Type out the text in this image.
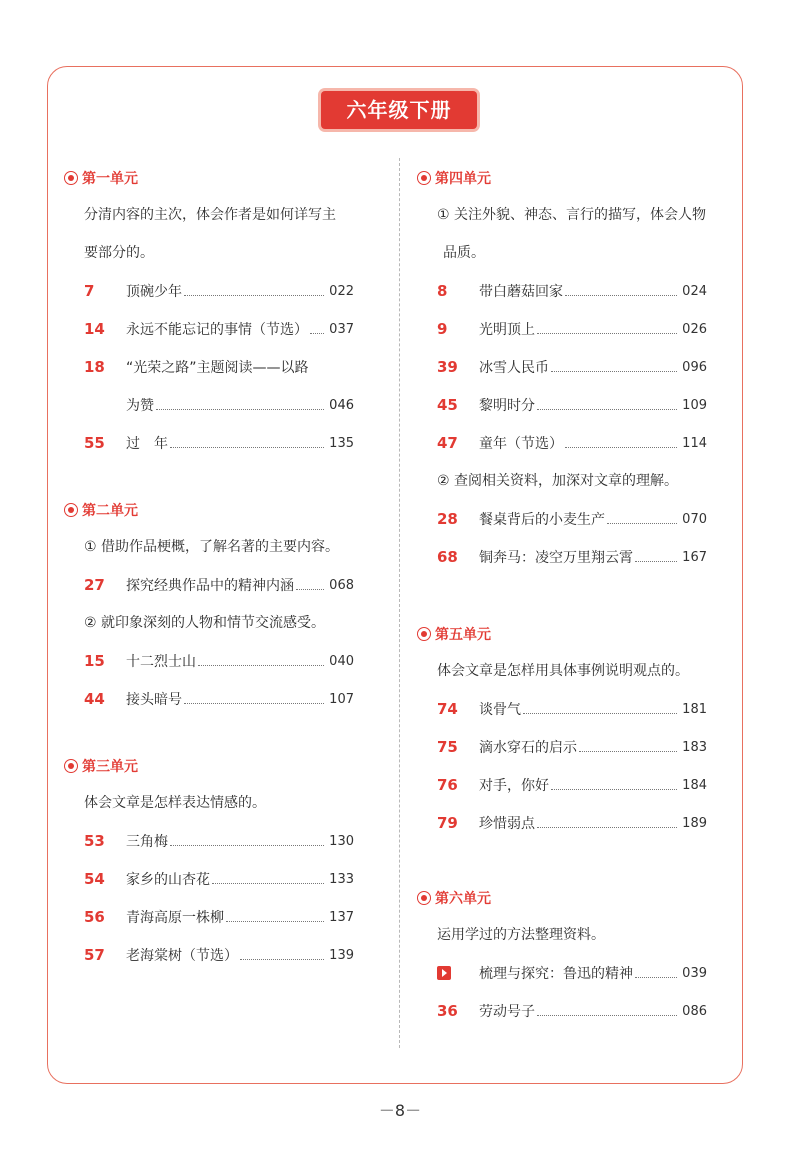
六年级下册
第一单元
分清内容的主次，体会作者是如何详写主
要部分的。
7	顶碗少年	022
14	永远不能忘记的事情（节选） 037
18	“光荣之路”主题阅读——以路
为赞	046
55	过　年	135
第二单元
① 借助作品梗概，了解名著的主要内容。
27	探究经典作品中的精神内涵	068
② 就印象深刻的人物和情节交流感受。
15	十二烈士山	040
44	接头暗号	107
第三单元
体会文章是怎样表达情感的。
53	三角梅	130
54	家乡的山杏花	133
56	青海高原一株柳	137
57	老海棠树（节选）	139
第四单元
① 关注外貌、神态、言行的描写，体会人物
品质。
8	带白蘑菇回家	024
9	光明顶上	026
39	冰雪人民币	096
45	黎明时分	109
47	童年（节选）	114
② 查阅相关资料，加深对文章的理解。
28	餐桌背后的小麦生产	070
68	铜奔马：凌空万里翔云霄	167
第五单元
体会文章是怎样用具体事例说明观点的。
74	谈骨气	181
75	滴水穿石的启示	183
76	对手，你好	184
79	珍惜弱点	189
第六单元
运用学过的方法整理资料。
梳理与探究：鲁迅的精神	039
36	劳动号子	086
－8－
